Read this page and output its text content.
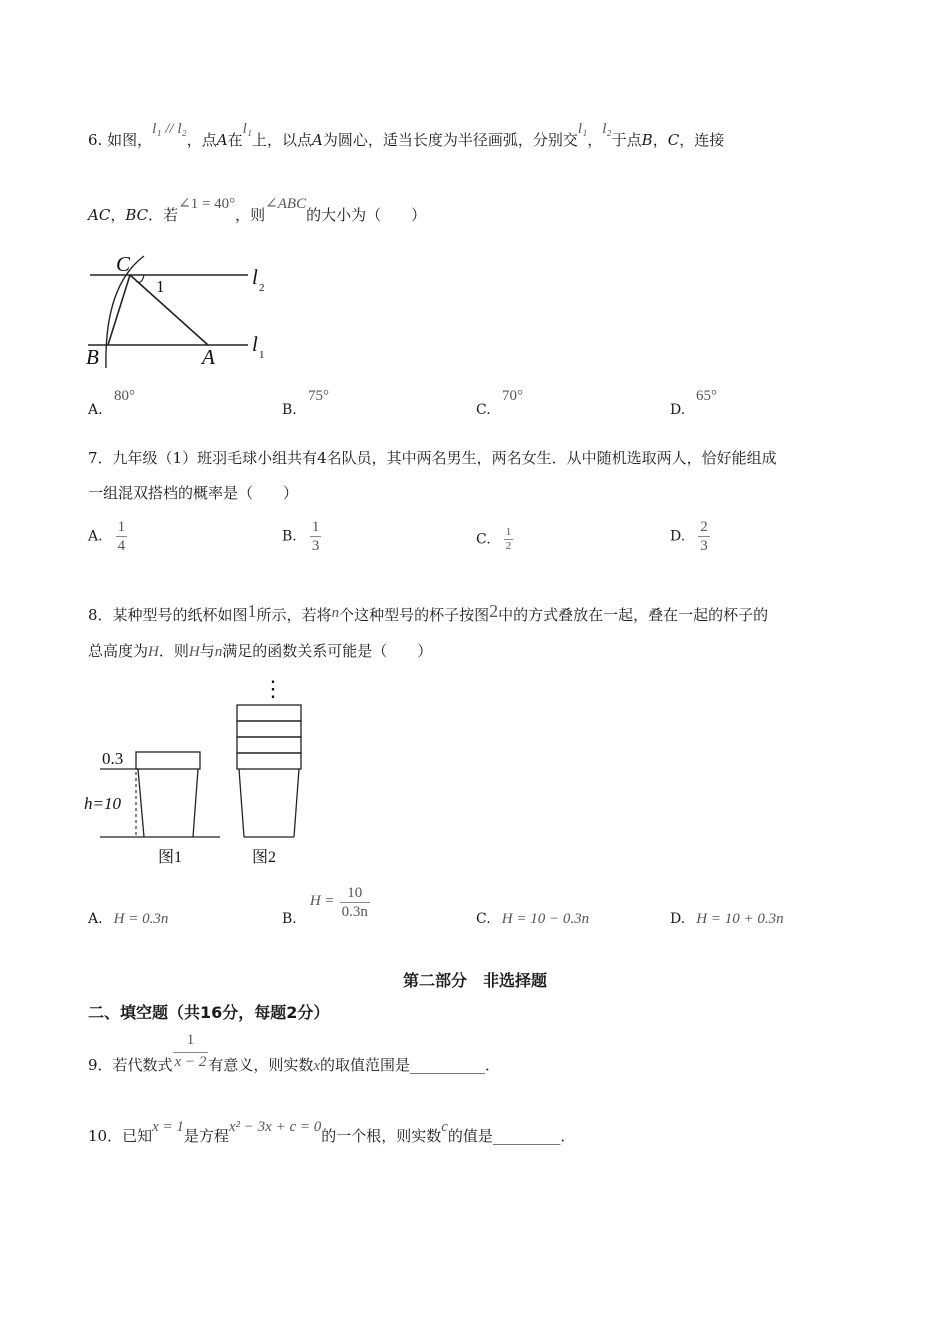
6. 如图，l₁ // l₂，点A在l₁上，以点A为圆心，适当长度为半径画弧，分别交l₁，l₂于点B，C，连接
AC，BC．若∠1 = 40°，则∠ABC的大小为（　　）
C
1	l 2
B	A
l 1
A.
80°
B.
75°
C.
70°
D.
65°
7．九年级（1）班羽毛球小组共有4名队员，其中两名男生，两名女生．从中随机选取两人，恰好能组成
一组混双搭档的概率是（　　）
A. $\frac{1}{4}$	B. $\frac{1}{3}$	C. $\frac{1}{2}$	D. $\frac{2}{3}$
8．某种型号的纸杯如图1所示，若将n个这种型号的杯子按图2中的方式叠放在一起，叠在一起的杯子的
总高度为H．则H与n满足的函数关系可能是（　　）
0.3
h=10
图1
⋮
图2
A. H = 0.3n	B. $H = \frac{10}{0.3n}$	C. H = 10 − 0.3n	D. H = 10 + 0.3n
第二部分　非选择题
二、填空题（共16分，每题2分）
9．若代数式 $\frac{1}{x - 2}$ 有意义，则实数x的取值范围是__________．
10．已知x = 1是方程x² − 3x + c = 0的一个根，则实数c的值是_________．
